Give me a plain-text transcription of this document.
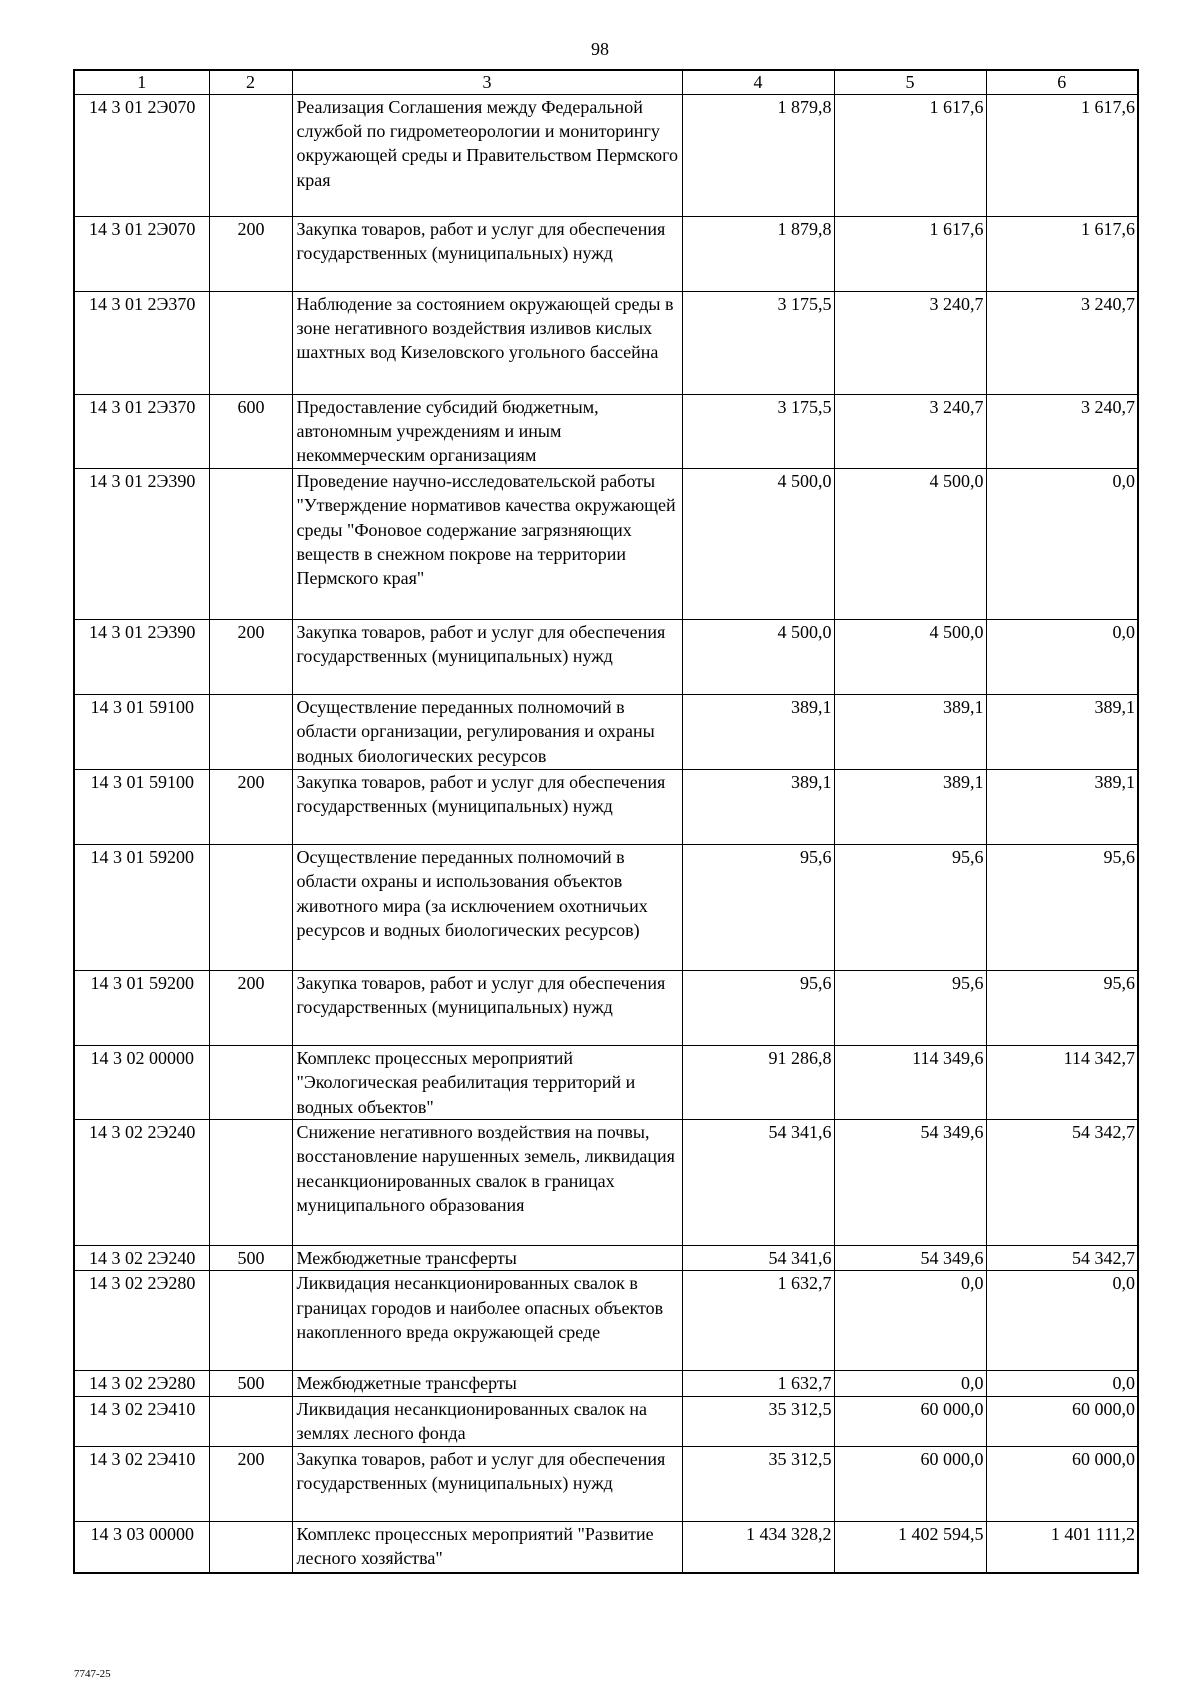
98
1	2	3	4	5	6
14 3 01 2Э070		Реализация Соглашения между Федеральной службой по гидрометеорологии и мониторингу окружающей среды и Правительством Пермского края	1 879,8	1 617,6	1 617,6
14 3 01 2Э070	200	Закупка товаров, работ и услуг для обеспечения государственных (муниципальных) нужд	1 879,8	1 617,6	1 617,6
14 3 01 2Э370		Наблюдение за состоянием окружающей среды в зоне негативного воздействия изливов кислых шахтных вод Кизеловского угольного бассейна	3 175,5	3 240,7	3 240,7
14 3 01 2Э370	600	Предоставление субсидий бюджетным, автономным учреждениям и иным некоммерческим организациям	3 175,5	3 240,7	3 240,7
14 3 01 2Э390		Проведение научно-исследовательской работы "Утверждение нормативов качества окружающей среды "Фоновое содержание загрязняющих веществ в снежном покрове на территории Пермского края"	4 500,0	4 500,0	0,0
14 3 01 2Э390	200	Закупка товаров, работ и услуг для обеспечения государственных (муниципальных) нужд	4 500,0	4 500,0	0,0
14 3 01 59100		Осуществление переданных полномочий в области организации, регулирования и охраны водных биологических ресурсов	389,1	389,1	389,1
14 3 01 59100	200	Закупка товаров, работ и услуг для обеспечения государственных (муниципальных) нужд	389,1	389,1	389,1
14 3 01 59200		Осуществление переданных полномочий в области охраны и использования объектов животного мира (за исключением охотничьих ресурсов и водных биологических ресурсов)	95,6	95,6	95,6
14 3 01 59200	200	Закупка товаров, работ и услуг для обеспечения государственных (муниципальных) нужд	95,6	95,6	95,6
14 3 02 00000		Комплекс процессных мероприятий "Экологическая реабилитация территорий и водных объектов"	91 286,8	114 349,6	114 342,7
14 3 02 2Э240		Снижение негативного воздействия на почвы, восстановление нарушенных земель, ликвидация несанкционированных свалок в границах муниципального образования	54 341,6	54 349,6	54 342,7
14 3 02 2Э240	500	Межбюджетные трансферты	54 341,6	54 349,6	54 342,7
14 3 02 2Э280		Ликвидация несанкционированных свалок в границах городов и наиболее опасных объектов накопленного вреда окружающей среде	1 632,7	0,0	0,0
14 3 02 2Э280	500	Межбюджетные трансферты	1 632,7	0,0	0,0
14 3 02 2Э410		Ликвидация несанкционированных свалок на землях лесного фонда	35 312,5	60 000,0	60 000,0
14 3 02 2Э410	200	Закупка товаров, работ и услуг для обеспечения государственных (муниципальных) нужд	35 312,5	60 000,0	60 000,0
14 3 03 00000		Комплекс процессных мероприятий "Развитие лесного хозяйства"	1 434 328,2	1 402 594,5	1 401 111,2
7747-25
